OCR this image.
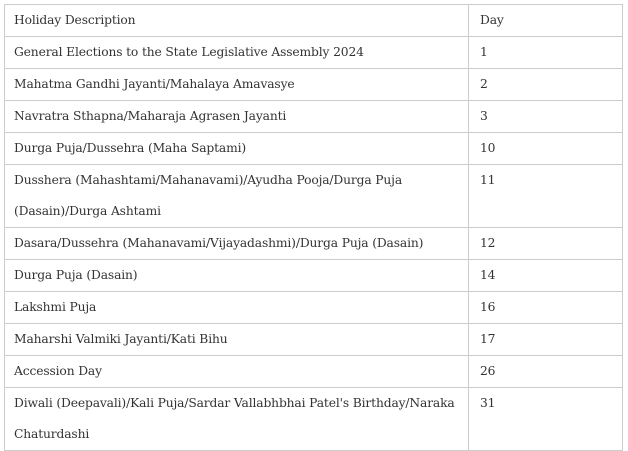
Holiday Description	Day
General Elections to the State Legislative Assembly 2024	1
Mahatma Gandhi Jayanti/Mahalaya Amavasye	2
Navratra Sthapna/Maharaja Agrasen Jayanti	3
Durga Puja/Dussehra (Maha Saptami)	10
Dusshera (Mahashtami/Mahanavami)/Ayudha Pooja/Durga Puja (Dasain)/Durga Ashtami	11
Dasara/Dussehra (Mahanavami/Vijayadashmi)/Durga Puja (Dasain)	12
Durga Puja (Dasain)	14
Lakshmi Puja	16
Maharshi Valmiki Jayanti/Kati Bihu	17
Accession Day	26
Diwali (Deepavali)/Kali Puja/Sardar Vallabhbhai Patel's Birthday/Naraka Chaturdashi	31
